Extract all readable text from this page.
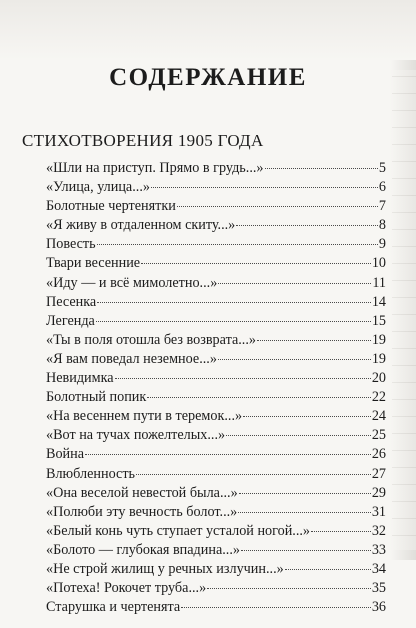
СОДЕРЖАНИЕ
СТИХОТВОРЕНИЯ 1905 ГОДА
«Шли на приступ. Прямо в грудь...»	5
«Улица, улица...»	6
Болотные чертенятки	7
«Я живу в отдаленном скиту...»	8
Повесть	9
Твари весенние	10
«Иду — и всё мимолетно...»	11
Песенка	14
Легенда	15
«Ты в поля отошла без возврата...»	19
«Я вам поведал неземное...»	19
Невидимка	20
Болотный попик	22
«На весеннем пути в теремок...»	24
«Вот на тучах пожелтелых...»	25
Война	26
Влюбленность	27
«Она веселой невестой была...»	29
«Полюби эту вечность болот...»	31
«Белый конь чуть ступает усталой ногой...»	32
«Болото — глубокая впадина...»	33
«Не строй жилищ у речных излучин...»	34
«Потеха! Рокочет труба...»	35
Старушка и чертенята	36
